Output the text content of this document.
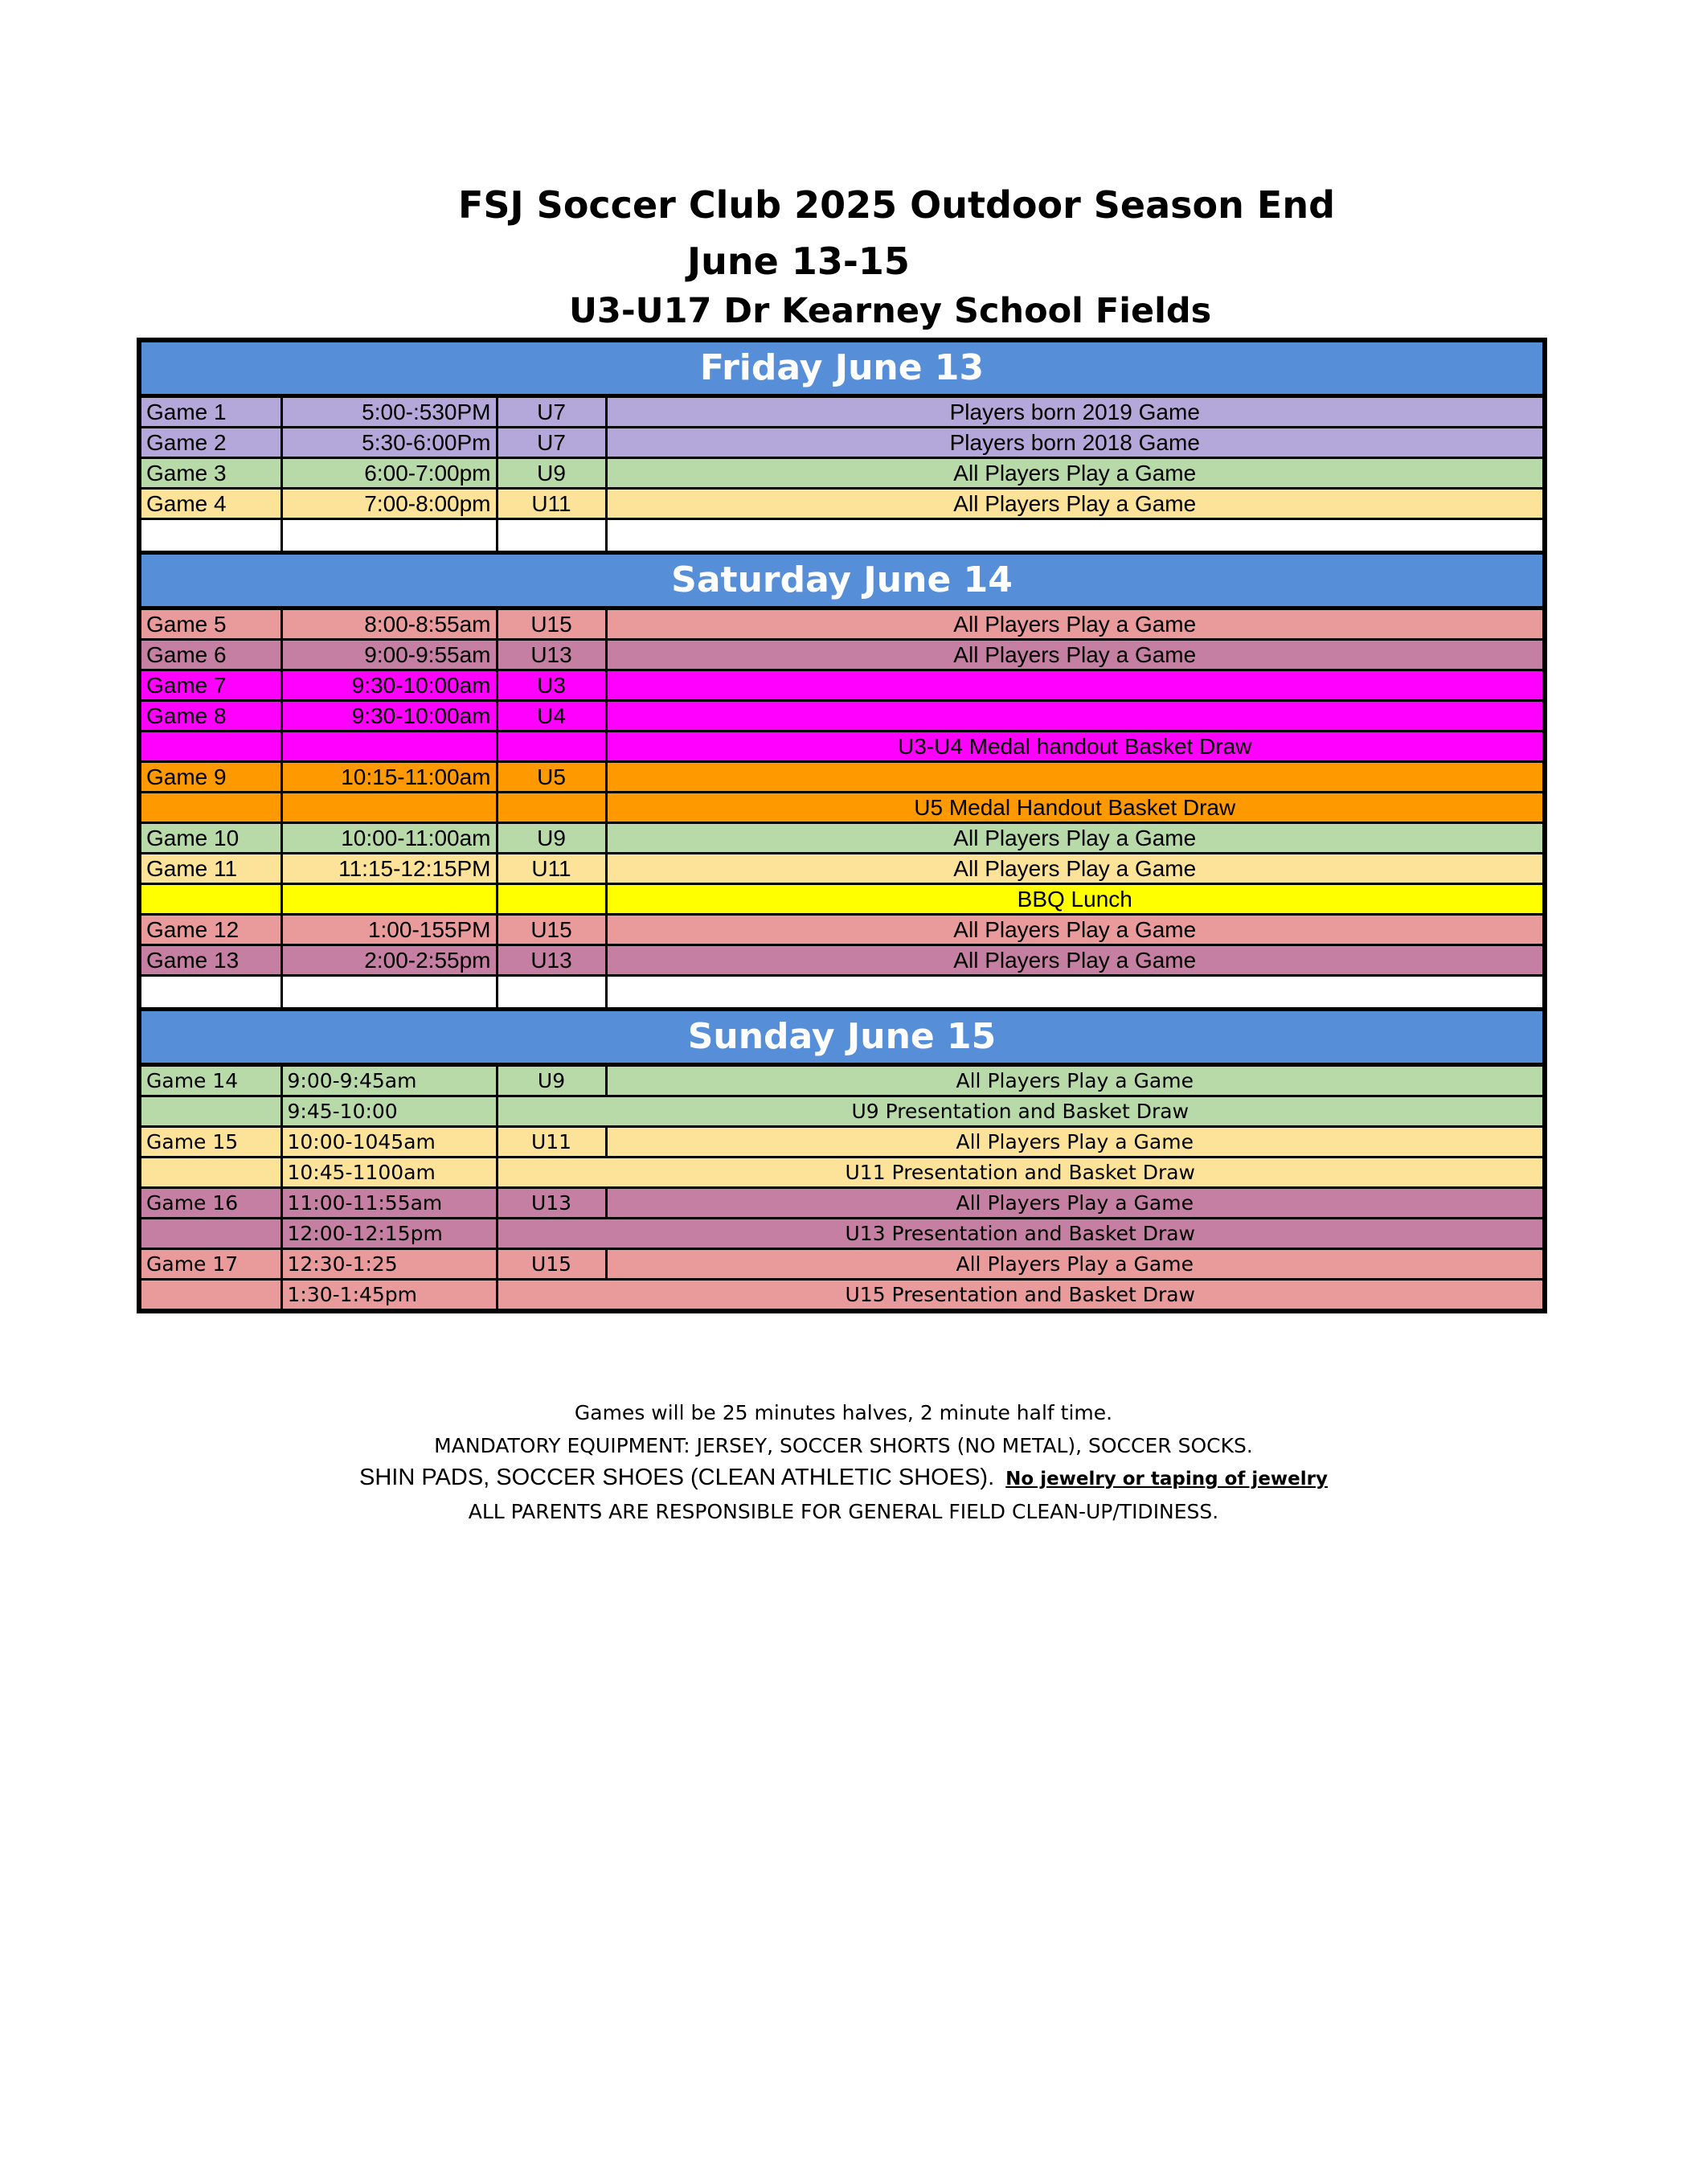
FSJ Soccer Club 2025 Outdoor Season End
June 13-15
U3-U17 Dr Kearney School Fields
Friday June 13			
Game 1	5:00-:530PM	U7	Players born 2019 Game
Game 2	5:30-6:00Pm	U7	Players born 2018 Game
Game 3	6:00-7:00pm	U9	All Players Play a Game
Game 4	7:00-8:00pm	U11	All Players Play a Game

Saturday June 14			
Game 5	8:00-8:55am	U15	All Players Play a Game
Game 6	9:00-9:55am	U13	All Players Play a Game
Game 7	9:30-10:00am	U3	
Game 8	9:30-10:00am	U4	
			U3-U4 Medal handout Basket Draw
Game 9	10:15-11:00am	U5	
			U5 Medal Handout Basket Draw
Game 10	10:00-11:00am	U9	All Players Play a Game
Game 11	11:15-12:15PM	U11	All Players Play a Game
			BBQ Lunch
Game 12	1:00-155PM	U15	All Players Play a Game
Game 13	2:00-2:55pm	U13	All Players Play a Game

Sunday June 15			
Game 14	9:00-9:45am	U9	All Players Play a Game
	9:45-10:00	U9 Presentation and Basket Draw	
Game 15	10:00-1045am	U11	All Players Play a Game
	10:45-1100am	U11 Presentation and Basket Draw	
Game 16	11:00-11:55am	U13	All Players Play a Game
	12:00-12:15pm	U13 Presentation and Basket Draw	
Game 17	12:30-1:25	U15	All Players Play a Game
	1:30-1:45pm	U15 Presentation and Basket Draw	
Games will be 25 minutes halves, 2 minute half time.
MANDATORY EQUIPMENT: JERSEY, SOCCER SHORTS (NO METAL), SOCCER SOCKS.
SHIN PADS, SOCCER SHOES (CLEAN ATHLETIC SHOES). No jewelry or taping of jewelry
ALL PARENTS ARE RESPONSIBLE FOR GENERAL FIELD CLEAN-UP/TIDINESS.
